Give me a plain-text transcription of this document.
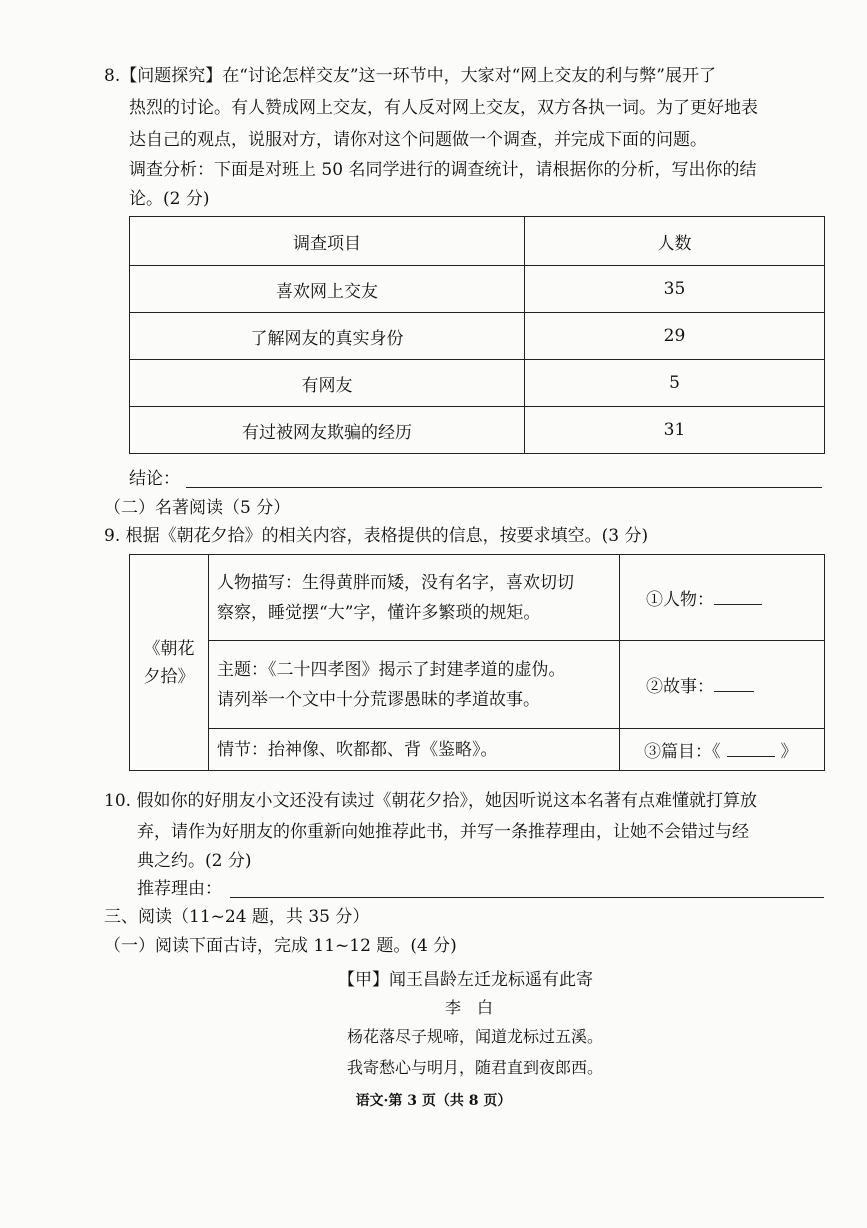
8.【问题探究】在“讨论怎样交友”这一环节中，大家对“网上交友的利与弊”展开了
热烈的讨论。有人赞成网上交友，有人反对网上交友，双方各执一词。为了更好地表
达自己的观点，说服对方，请你对这个问题做一个调查，并完成下面的问题。
调查分析：下面是对班上 50 名同学进行的调查统计，请根据你的分析，写出你的结
论。(2 分)
调查项目	人数
喜欢网上交友	35
了解网友的真实身份	29
有网友	5
有过被网友欺骗的经历	31
结论：
（二）名著阅读（5 分）
9. 根据《朝花夕拾》的相关内容，表格提供的信息，按要求填空。(3 分)
《朝花
夕拾》	人物描写：生得黄胖而矮，没有名字，喜欢切切
察察，睡觉摆“大”字，懂许多繁琐的规矩。	①人物：
	主题：《二十四孝图》揭示了封建孝道的虚伪。
请列举一个文中十分荒谬愚昧的孝道故事。	②故事：
	情节：抬神像、吹都都、背《鉴略》。	③篇目：《 》
10. 假如你的好朋友小文还没有读过《朝花夕拾》，她因听说这本名著有点难懂就打算放
弃，请作为好朋友的你重新向她推荐此书，并写一条推荐理由，让她不会错过与经
典之约。(2 分)
推荐理由：
三、阅读（11~24 题，共 35 分）
（一）阅读下面古诗，完成 11~12 题。(4 分)
【甲】闻王昌龄左迁龙标遥有此寄
李　白
杨花落尽子规啼，闻道龙标过五溪。
我寄愁心与明月，随君直到夜郎西。
语文·第 3 页（共 8 页）
